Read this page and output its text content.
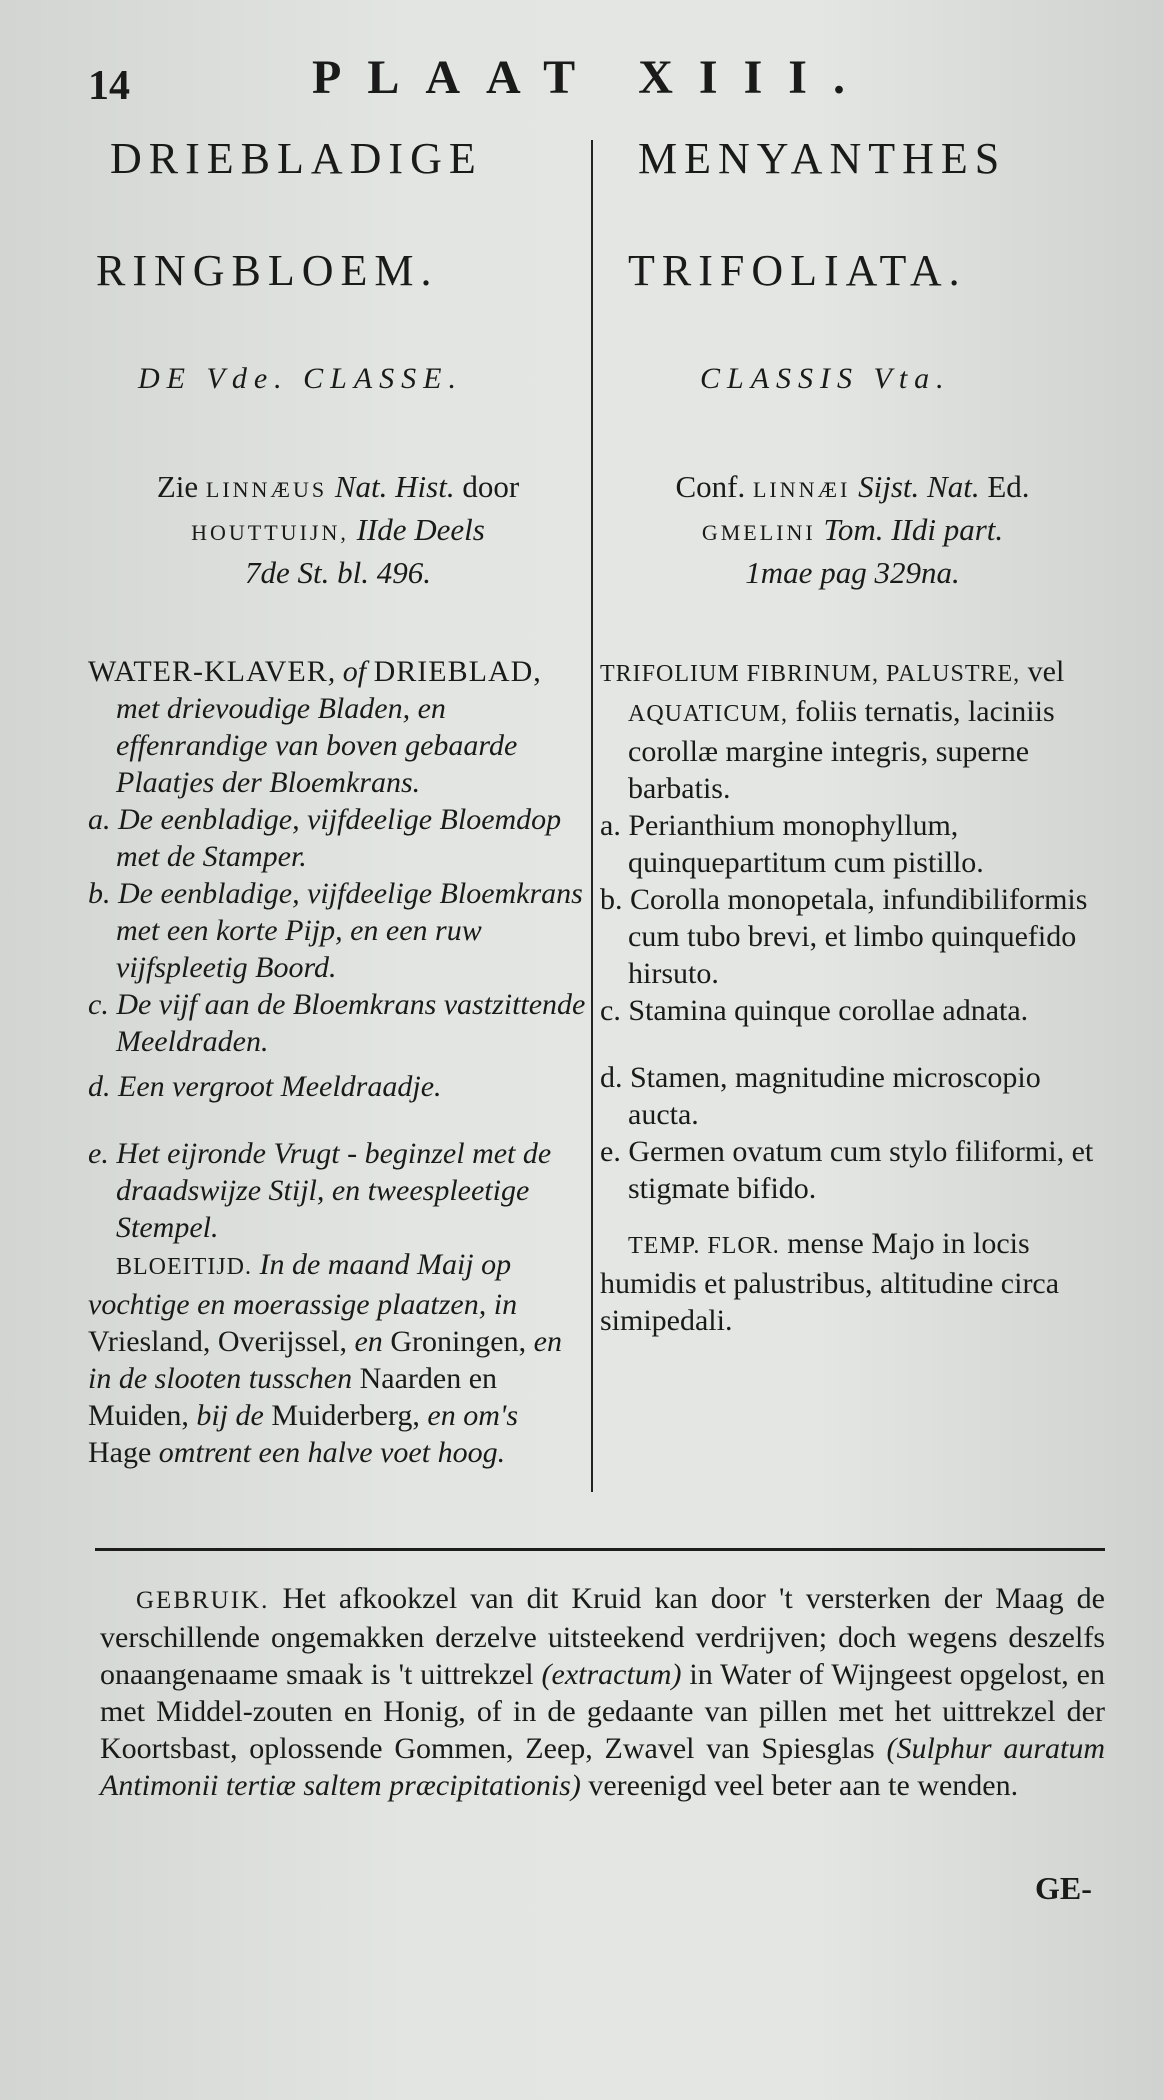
14	PLAAT XIII.
DRIEBLADIGE
RINGBLOEM.
DE Vde. CLASSE.
Zie LINNÆUS Nat. Hist. door
HOUTTUIJN, IIde Deels
7de St. bl. 496.
WATER-KLAVER, of DRIEBLAD, met drievoudige Bladen, en effenrandige van boven gebaarde Plaatjes der Bloemkrans.
a. De eenbladige, vijfdeelige Bloemdop met de Stamper.
b. De eenbladige, vijfdeelige Bloemkrans met een korte Pijp, en een ruw vijfspleetig Boord.
c. De vijf aan de Bloemkrans vastzittende Meeldraden.
d. Een vergroot Meeldraadje.
e. Het eijronde Vrugt - beginzel met de draadswijze Stijl, en tweespleetige Stempel.
BLOEITIJD. In de maand Maij op vochtige en moerassige plaatzen, in Vriesland, Overijssel, en Groningen, en in de slooten tusschen Naarden en Muiden, bij de Muiderberg, en om's Hage omtrent een halve voet hoog.
MENYANTHES
TRIFOLIATA.
CLASSIS Vta.
Conf. LINNÆI Sijst. Nat. Ed.
GMELINI Tom. IIdi part.
1mae pag 329na.
TRIFOLIUM FIBRINUM, PALUSTRE, vel AQUATICUM, foliis ternatis, laciniis corollæ margine integris, superne barbatis.
a. Perianthium monophyllum, quinquepartitum cum pistillo.
b. Corolla monopetala, infundibiliformis cum tubo brevi, et limbo quinquefido hirsuto.
c. Stamina quinque corollae adnata.
d. Stamen, magnitudine microscopio aucta.
e. Germen ovatum cum stylo filiformi, et stigmate bifido.
TEMP. FLOR. mense Majo in locis humidis et palustribus, altitudine circa simipedali.
GEBRUIK. Het afkookzel van dit Kruid kan door 't versterken der Maag de verschillende ongemakken derzelve uitsteekend verdrijven; doch wegens deszelfs onaangenaame smaak is 't uittrekzel (extractum) in Water of Wijngeest opgelost, en met Middel-zouten en Honig, of in de gedaante van pillen met het uittrekzel der Koortsbast, oplossende Gommen, Zeep, Zwavel van Spiesglas (Sulphur auratum Antimonii tertiæ saltem præcipitationis) vereenigd veel beter aan te wenden.
GE-
